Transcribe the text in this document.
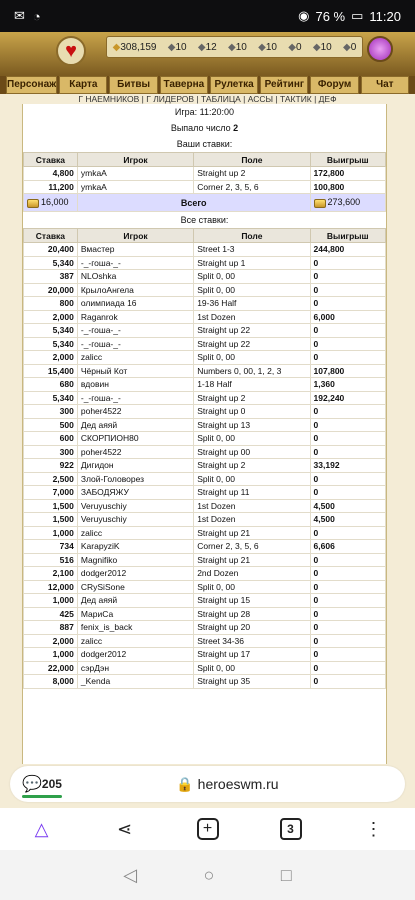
✉ ◔	◉ 76 % ▭ 11:20
♥	◆308,159 ◆10 ◆12 ◆10 ◆10 ◆0 ◆10 ◆0
Персонаж	Карта	Битвы	Таверна	Рулетка	Рейтинг	Форум	Чат
Г НАЕМНИКОВ | Г ЛИДЕРОВ | ТАБЛИЦА | АССЫ | ТАКТИК | ДЕФ
Игра: 11:20:00
Выпало число 2
Ваши ставки:
Ставка	Игрок	Поле	Выигрыш
4,800	ymkaA	Straight up 2	172,800
11,200	ymkaA	Corner 2, 3, 5, 6	100,800
16,000	Всего		273,600
Все ставки:
Ставка	Игрок	Поле	Выигрыш
20,400	Вмастер	Street 1-3	244,800
5,340	-_-гоша-_-	Straight up 1	0
387	NLOshka	Split 0, 00	0
20,000	КрылоАнгела	Split 0, 00	0
800	олимпиада 16	19-36 Half	0
2,000	Raganrok	1st Dozen	6,000
5,340	-_-гоша-_-	Straight up 22	0
5,340	-_-гоша-_-	Straight up 22	0
2,000	zalicc	Split 0, 00	0
15,400	Чёрный Кот	Numbers 0, 00, 1, 2, 3	107,800
680	вдовин	1-18 Half	1,360
5,340	-_-гоша-_-	Straight up 2	192,240
300	poher4522	Straight up 0	0
500	Дед аяяй	Straight up 13	0
600	СКОРПИОН80	Split 0, 00	0
300	poher4522	Straight up 00	0
922	Дигидон	Straight up 2	33,192
2,500	Злой-Головорез	Split 0, 00	0
7,000	ЗАБОДЯЖУ	Straight up 11	0
1,500	Veruyuschiy	1st Dozen	4,500
1,500	Veruyuschiy	1st Dozen	4,500
1,000	zalicc	Straight up 21	0
734	KarapyziK	Corner 2, 3, 5, 6	6,606
516	Magnifiko	Straight up 21	0
2,100	dodger2012	2nd Dozen	0
12,000	CRySiSone	Split 0, 00	0
1,000	Дед аяяй	Straight up 15	0
425	МариСа	Straight up 28	0
887	fenix_is_back	Straight up 20	0
2,000	zalicc	Street 34-36	0
1,000	dodger2012	Straight up 17	0
22,000	сэрДэн	Split 0, 00	0
8,000	_Kenda	Straight up 35	0
💬 205	🔒 heroeswm.ru
△	⋖	+	3	⋮
◁	○	□
